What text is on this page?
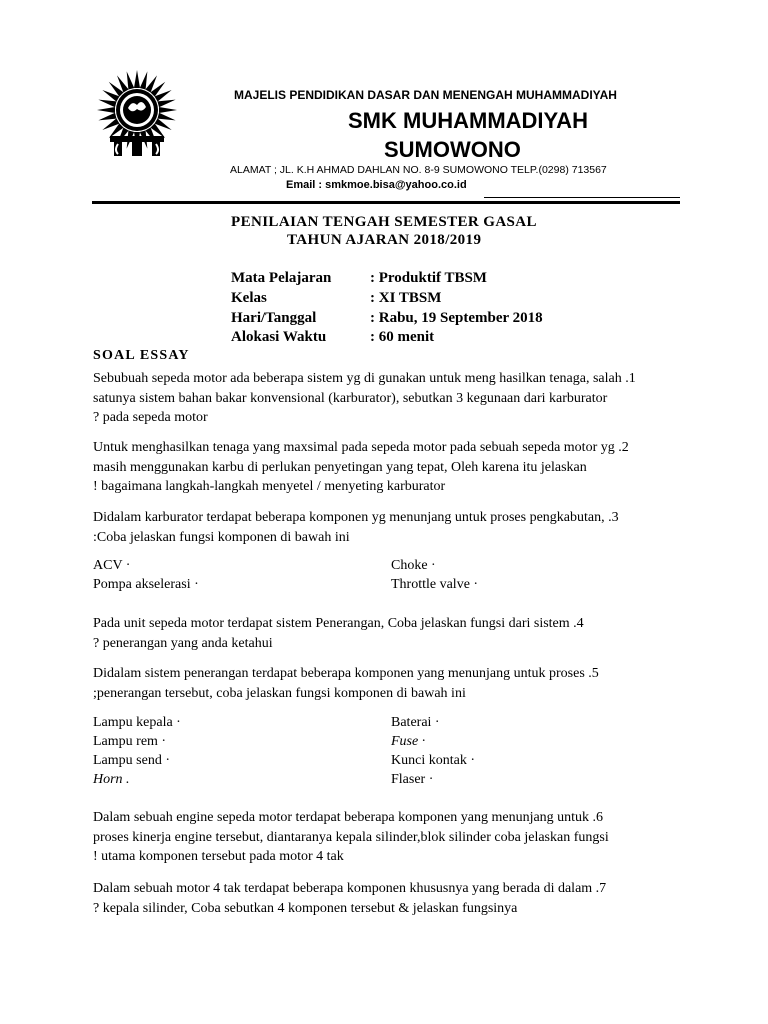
MAJELIS PENDIDIKAN DASAR DAN MENENGAH MUHAMMADIYAH
SMK MUHAMMADIYAH
SUMOWONO
ALAMAT ; JL. K.H AHMAD DAHLAN NO. 8-9 SUMOWONO TELP.(0298) 713567
Email : smkmoe.bisa@yahoo.co.id
PENILAIAN TENGAH SEMESTER GASAL
TAHUN AJARAN 2018/2019
Mata Pelajaran	: Produktif TBSM
Kelas	: XI TBSM
Hari/Tanggal	: Rabu, 19 September 2018
Alokasi Waktu	: 60 menit
SOAL ESSAY
Sebubuah sepeda motor ada beberapa sistem yg di gunakan untuk meng hasilkan tenaga, salah .1
satunya sistem bahan bakar konvensional (karburator), sebutkan 3 kegunaan dari karburator
? pada sepeda motor
Untuk menghasilkan tenaga yang maxsimal pada sepeda motor pada sebuah sepeda motor yg .2
masih menggunakan karbu di perlukan penyetingan yang tepat, Oleh karena itu jelaskan
! bagaimana langkah-langkah menyetel / menyeting karburator
Didalam karburator terdapat beberapa komponen yg menunjang untuk proses pengkabutan, .3
:Coba jelaskan fungsi komponen di bawah ini
ACV ·	Choke ·
Pompa akselerasi ·	Throttle valve ·
Pada unit sepeda motor terdapat sistem Penerangan, Coba jelaskan fungsi dari sistem .4
? penerangan yang anda ketahui
Didalam sistem penerangan terdapat beberapa komponen yang menunjang untuk proses .5
;penerangan tersebut, coba jelaskan fungsi komponen di bawah ini
Lampu kepala ·	Baterai ·
Lampu rem ·	Fuse ·
Lampu send ·	Kunci kontak ·
Horn .	Flaser ·
Dalam sebuah engine sepeda motor terdapat beberapa komponen yang menunjang untuk .6
proses kinerja engine tersebut, diantaranya kepala silinder,blok silinder coba jelaskan fungsi
! utama komponen tersebut pada motor 4 tak
Dalam sebuah motor 4 tak terdapat beberapa komponen khususnya yang berada di dalam .7
? kepala silinder, Coba sebutkan 4 komponen tersebut & jelaskan fungsinya
